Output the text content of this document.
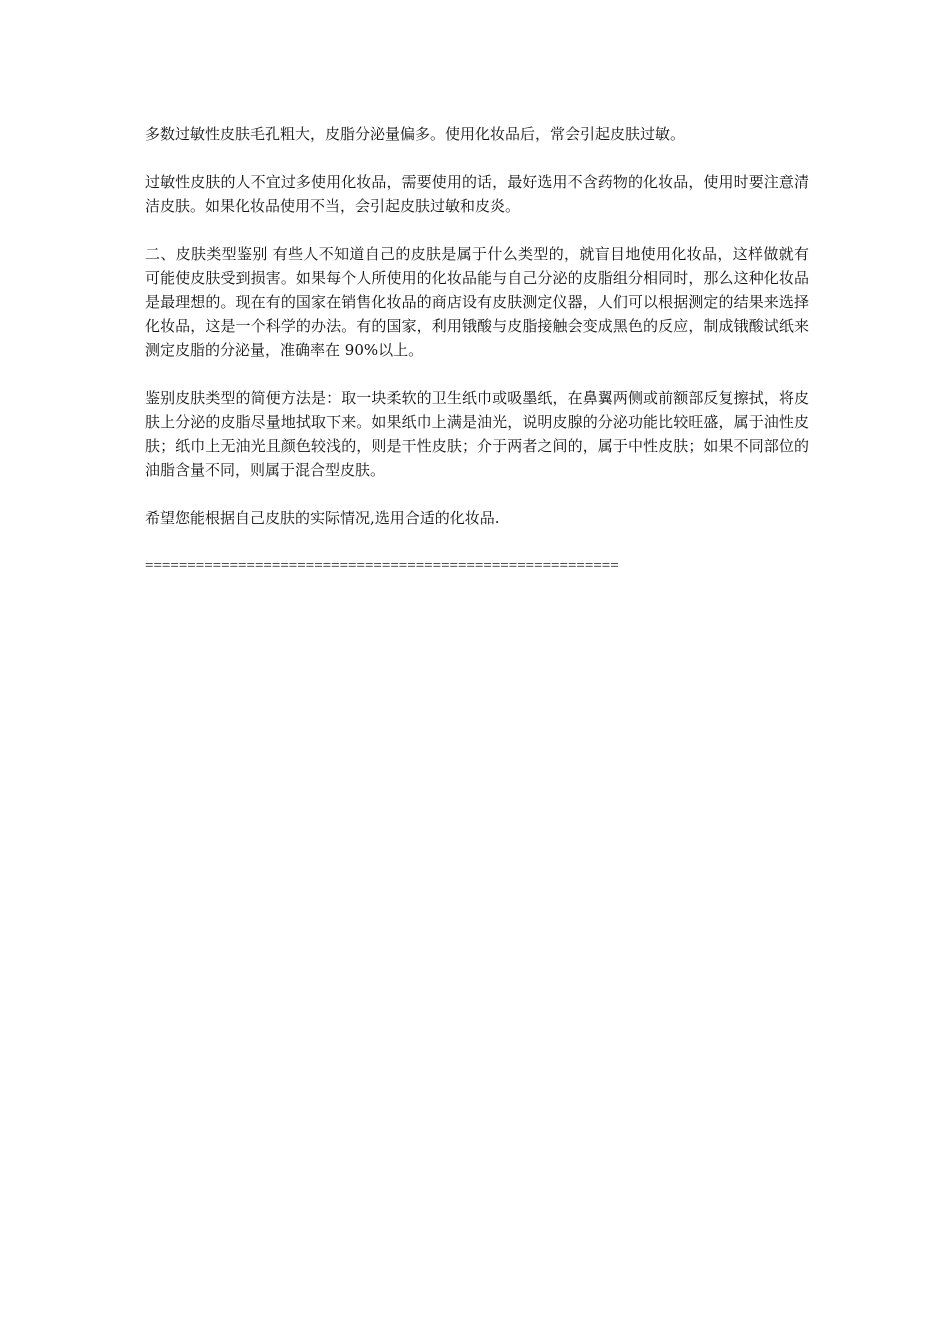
多数过敏性皮肤毛孔粗大，皮脂分泌量偏多。使用化妆品后，常会引起皮肤过敏。

过敏性皮肤的人不宜过多使用化妆品，需要使用的话，最好选用不含药物的化妆品，使用时要注意清洁皮肤。如果化妆品使用不当，会引起皮肤过敏和皮炎。

二、皮肤类型鉴别 有些人不知道自己的皮肤是属于什么类型的，就盲目地使用化妆品，这样做就有可能使皮肤受到损害。如果每个人所使用的化妆品能与自己分泌的皮脂组分相同时，那么这种化妆品是最理想的。现在有的国家在销售化妆品的商店设有皮肤测定仪器，人们可以根据测定的结果来选择化妆品，这是一个科学的办法。有的国家，利用锇酸与皮脂接触会变成黑色的反应，制成锇酸试纸来测定皮脂的分泌量，准确率在 90%以上。

鉴别皮肤类型的简便方法是：取一块柔软的卫生纸巾或吸墨纸，在鼻翼两侧或前额部反复擦拭，将皮肤上分泌的皮脂尽量地拭取下来。如果纸巾上满是油光，说明皮腺的分泌功能比较旺盛，属于油性皮肤；纸巾上无油光且颜色较浅的，则是干性皮肤；介于两者之间的，属于中性皮肤；如果不同部位的油脂含量不同，则属于混合型皮肤。

希望您能根据自己皮肤的实际情况,选用合适的化妆品.

========================================================
